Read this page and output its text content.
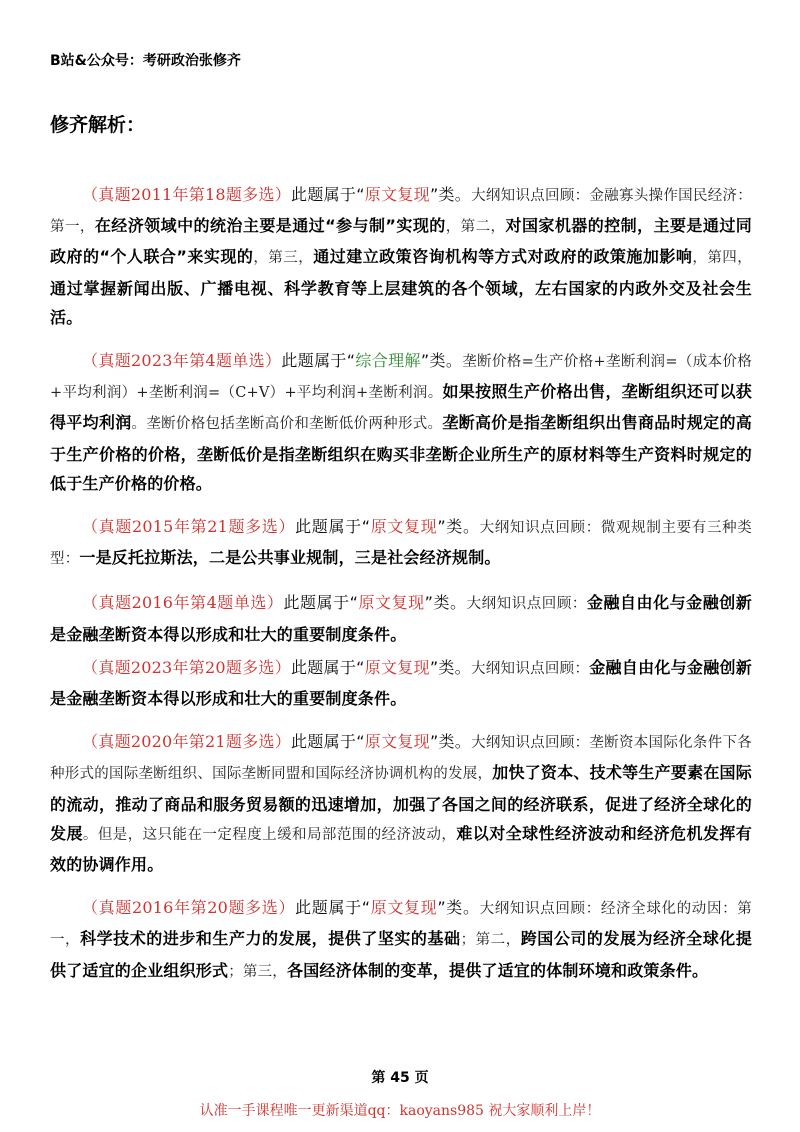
B站&公众号：考研政治张修齐
修齐解析：

（真题2011年第18题多选）此题属于“原文复现”类。大纲知识点回顾：金融寡头操作国民经济：第一，在经济领域中的统治主要是通过“参与制”实现的，第二，对国家机器的控制，主要是通过同政府的“个人联合”来实现的，第三，通过建立政策咨询机构等方式对政府的政策施加影响，第四，通过掌握新闻出版、广播电视、科学教育等上层建筑的各个领域，左右国家的内政外交及社会生活。

（真题2023年第4题单选）此题属于“综合理解”类。垄断价格=生产价格+垄断利润=（成本价格+平均利润）+垄断利润=（C+V）+平均利润+垄断利润。如果按照生产价格出售，垄断组织还可以获得平均利润。垄断价格包括垄断高价和垄断低价两种形式。垄断高价是指垄断组织出售商品时规定的高于生产价格的价格，垄断低价是指垄断组织在购买非垄断企业所生产的原材料等生产资料时规定的低于生产价格的价格。

（真题2015年第21题多选）此题属于“原文复现”类。大纲知识点回顾：微观规制主要有三种类型：一是反托拉斯法，二是公共事业规制，三是社会经济规制。

（真题2016年第4题单选）此题属于“原文复现”类。大纲知识点回顾：金融自由化与金融创新是金融垄断资本得以形成和壮大的重要制度条件。

（真题2023年第20题多选）此题属于“原文复现”类。大纲知识点回顾：金融自由化与金融创新是金融垄断资本得以形成和壮大的重要制度条件。

（真题2020年第21题多选）此题属于“原文复现”类。大纲知识点回顾：垄断资本国际化条件下各种形式的国际垄断组织、国际垄断同盟和国际经济协调机构的发展，加快了资本、技术等生产要素在国际的流动，推动了商品和服务贸易额的迅速增加，加强了各国之间的经济联系，促进了经济全球化的发展。但是，这只能在一定程度上缓和局部范围的经济波动，难以对全球性经济波动和经济危机发挥有效的协调作用。

（真题2016年第20题多选）此题属于“原文复现”类。大纲知识点回顾：经济全球化的动因：第一，科学技术的进步和生产力的发展，提供了坚实的基础；第二，跨国公司的发展为经济全球化提供了适宜的企业组织形式；第三，各国经济体制的变革，提供了适宜的体制环境和政策条件。

第 45 页
认准一手课程唯一更新渠道qq：kaoyans985 祝大家顺利上岸！
